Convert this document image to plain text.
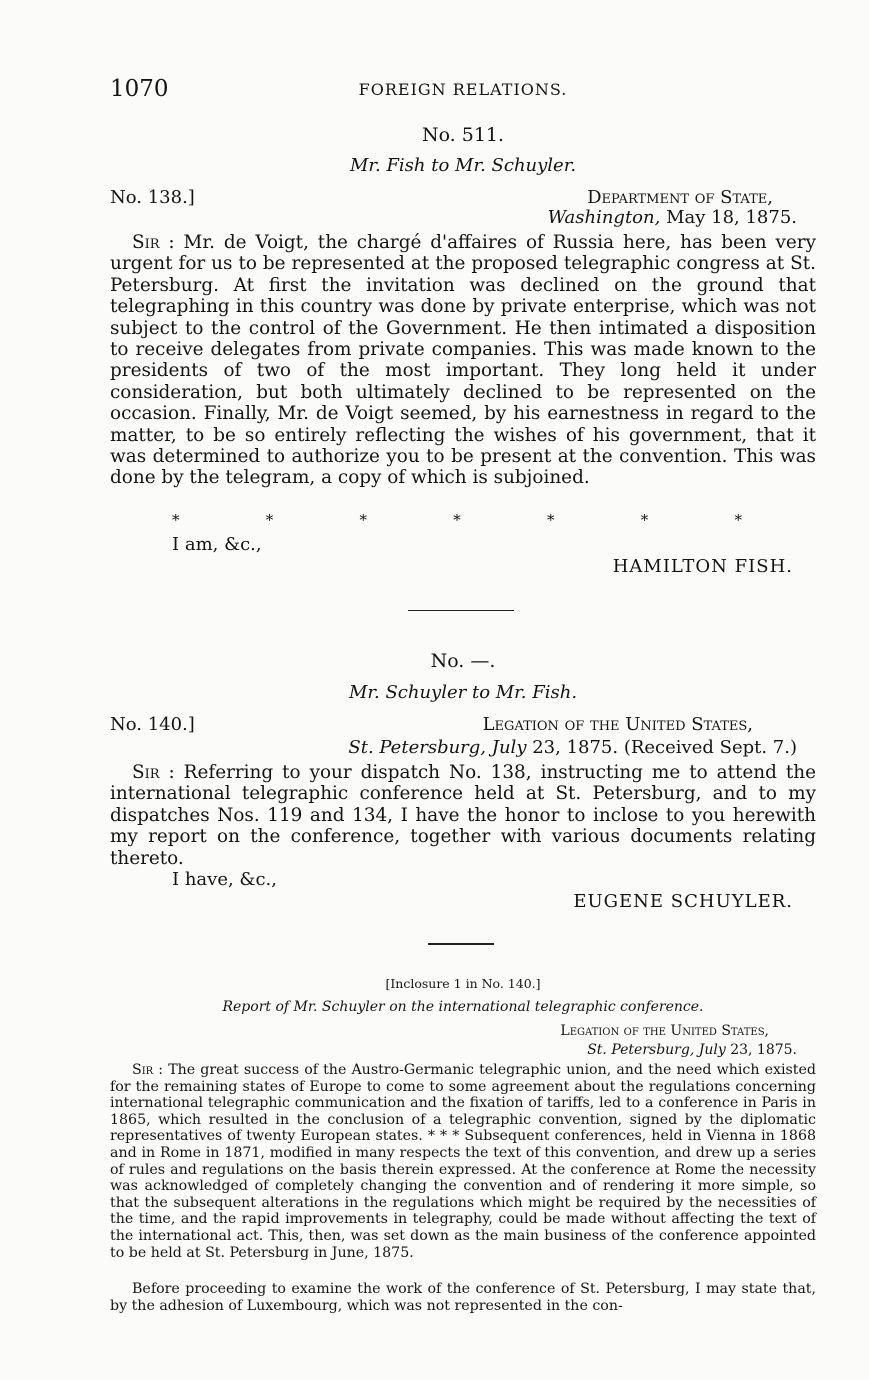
1070	FOREIGN RELATIONS.
No. 511.
Mr. Fish to Mr. Schuyler.
No. 138.]	Department of State,
Washington, May 18, 1875.

Sir : Mr. de Voigt, the chargé d'affaires of Russia here, has been very urgent for us to be represented at the proposed telegraphic congress at St. Petersburg. At first the invitation was declined on the ground that telegraphing in this country was done by private enterprise, which was not subject to the control of the Government. He then intimated a disposition to receive delegates from private companies. This was made known to the presidents of two of the most important. They long held it under consideration, but both ultimately declined to be represented on the occasion. Finally, Mr. de Voigt seemed, by his earnestness in regard to the matter, to be so entirely reflecting the wishes of his government, that it was determined to authorize you to be present at the convention. This was done by the telegram, a copy of which is subjoined.

*	*	*	*	*	*	*
I am, &c.,
HAMILTON FISH.
No. —.
Mr. Schuyler to Mr. Fish.
No. 140.]	Legation of the United States,
St. Petersburg, July 23, 1875. (Received Sept. 7.)

Sir : Referring to your dispatch No. 138, instructing me to attend the international telegraphic conference held at St. Petersburg, and to my dispatches Nos. 119 and 134, I have the honor to inclose to you herewith my report on the conference, together with various documents relating thereto.

I have, &c.,
EUGENE SCHUYLER.
[Inclosure 1 in No. 140.]
Report of Mr. Schuyler on the international telegraphic conference.
Legation of the United States,
St. Petersburg, July 23, 1875.

Sir : The great success of the Austro-Germanic telegraphic union, and the need which existed for the remaining states of Europe to come to some agreement about the regulations concerning international telegraphic communication and the fixation of tariffs, led to a conference in Paris in 1865, which resulted in the conclusion of a telegraphic convention, signed by the diplomatic representatives of twenty European states. * * * Subsequent conferences, held in Vienna in 1868 and in Rome in 1871, modified in many respects the text of this convention, and drew up a series of rules and regulations on the basis therein expressed. At the conference at Rome the necessity was acknowledged of completely changing the convention and of rendering it more simple, so that the subsequent alterations in the regulations which might be required by the necessities of the time, and the rapid improvements in telegraphy, could be made without affecting the text of the international act. This, then, was set down as the main business of the conference appointed to be held at St. Petersburg in June, 1875.

Before proceeding to examine the work of the conference of St. Petersburg, I may state that, by the adhesion of Luxembourg, which was not represented in the con-
